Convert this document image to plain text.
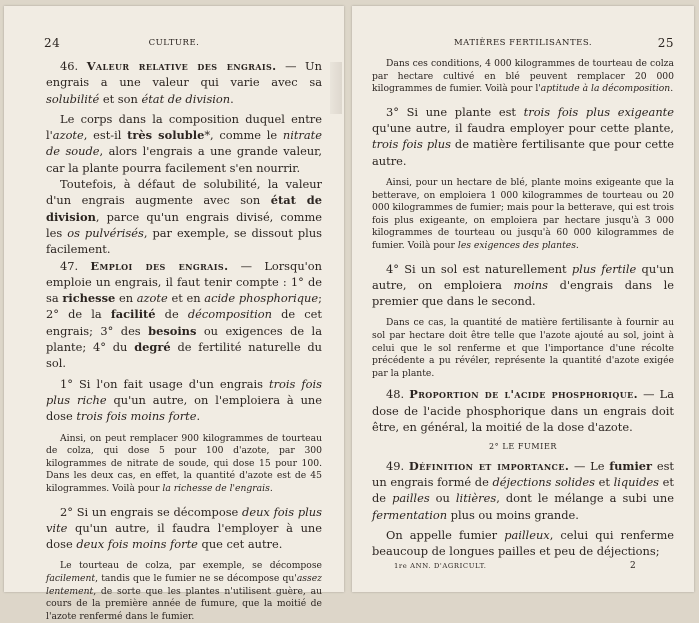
24	CULTURE.

46. Valeur relative des engrais. — Un engrais a une valeur qui varie avec sa solubilité et son état de division.

Le corps dans la composition duquel entre l'azote, est-il très soluble*, comme le nitrate de soude, alors l'engrais a une grande valeur, car la plante pourra facilement s'en nourrir.

Toutefois, à défaut de solubilité, la valeur d'un engrais augmente avec son état de division, parce qu'un engrais divisé, comme les os pulvérisés, par exemple, se dissout plus facilement.

47. Emploi des engrais. — Lorsqu'on emploie un engrais, il faut tenir compte : 1° de sa richesse en azote et en acide phosphorique; 2° de la facilité de décomposition de cet engrais; 3° des besoins ou exigences de la plante; 4° du degré de fertilité naturelle du sol.

1° Si l'on fait usage d'un engrais trois fois plus riche qu'un autre, on l'emploiera à une dose trois fois moins forte.

Ainsi, on peut remplacer 900 kilogrammes de tourteau de colza, qui dose 5 pour 100 d'azote, par 300 kilogrammes de nitrate de soude, qui dose 15 pour 100. Dans les deux cas, en effet, la quantité d'azote est de 45 kilogrammes. Voilà pour la richesse de l'engrais.

2° Si un engrais se décompose deux fois plus vite qu'un autre, il faudra l'employer à une dose deux fois moins forte que cet autre.

Le tourteau de colza, par exemple, se décompose facilement, tandis que le fumier ne se décompose qu'assez lentement, de sorte que les plantes n'utilisent guère, au cours de la première année de fumure, que la moitié de l'azote renfermé dans le fumier.

MATIÈRES FERTILISANTES.	25

Dans ces conditions, 4 000 kilogrammes de tourteau de colza par hectare cultivé en blé peuvent remplacer 20 000 kilogrammes de fumier. Voilà pour l'aptitude à la décomposition.

3° Si une plante est trois fois plus exigeante qu'une autre, il faudra employer pour cette plante, trois fois plus de matière fertilisante que pour cette autre.

Ainsi, pour un hectare de blé, plante moins exigeante que la betterave, on emploiera 1 000 kilogrammes de tourteau ou 20 000 kilogrammes de fumier; mais pour la betterave, qui est trois fois plus exigeante, on emploiera par hectare jusqu'à 3 000 kilogrammes de tourteau ou jusqu'à 60 000 kilogrammes de fumier. Voilà pour les exigences des plantes.

4° Si un sol est naturellement plus fertile qu'un autre, on emploiera moins d'engrais dans le premier que dans le second.

Dans ce cas, la quantité de matière fertilisante à fournir au sol par hectare doit être telle que l'azote ajouté au sol, joint à celui que le sol renferme et que l'importance d'une récolte précédente a pu révéler, représente la quantité d'azote exigée par la plante.

48. Proportion de l'acide phosphorique. — La dose de l'acide phosphorique dans un engrais doit être, en général, la moitié de la dose d'azote.

2° LE FUMIER

49. Définition et importance. — Le fumier est un engrais formé de déjections solides et liquides et de pailles ou litières, dont le mélange a subi une fermentation plus ou moins grande.

On appelle fumier pailleux, celui qui renferme beaucoup de longues pailles et peu de déjections;

1re ANN. D'AGRICULT.	2
